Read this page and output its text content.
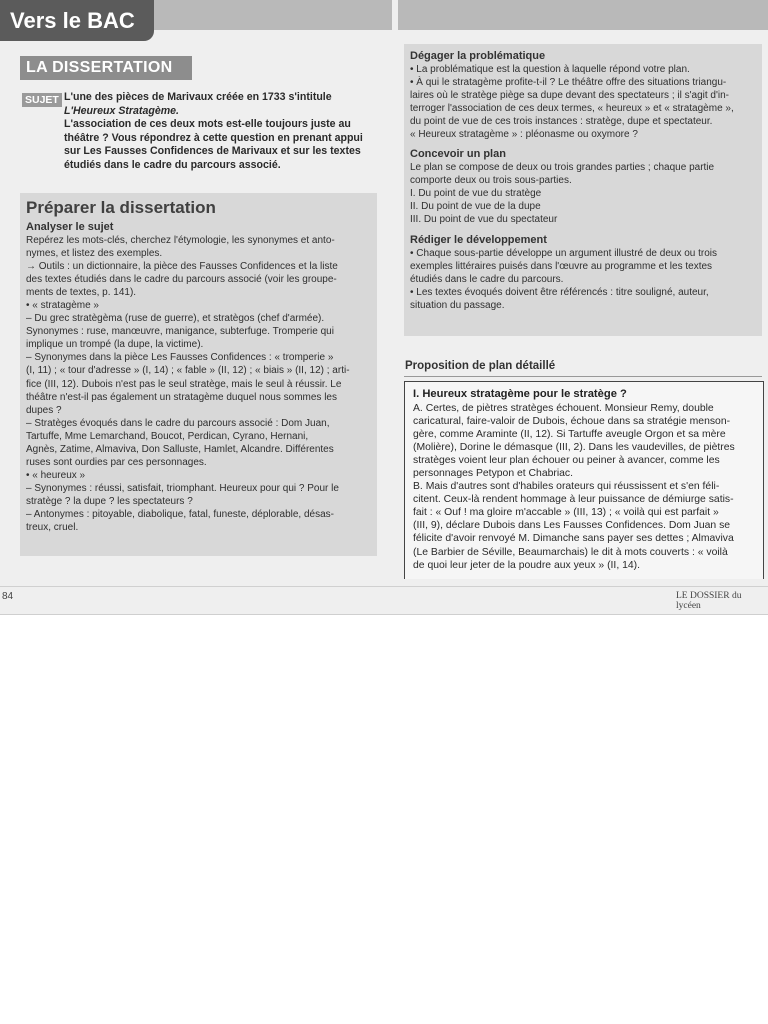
Vers le BAC
LA DISSERTATION
SUJET L'une des pièces de Marivaux créée en 1733 s'intitule
L'Heureux Stratagème.
L'association de ces deux mots est-elle toujours juste au
théâtre ? Vous répondrez à cette question en prenant appui
sur Les Fausses Confidences de Marivaux et sur les textes
étudiés dans le cadre du parcours associé.
Préparer la dissertation
Analyser le sujet
Repérez les mots-clés, cherchez l'étymologie, les synonymes et anto-
nymes, et listez des exemples.
→ Outils : un dictionnaire, la pièce des Fausses Confidences et la liste
des textes étudiés dans le cadre du parcours associé (voir les groupe-
ments de textes, p. 141).
• « stratagème »
– Du grec stratègèma (ruse de guerre), et stratègos (chef d'armée).
Synonymes : ruse, manœuvre, manigance, subterfuge. Tromperie qui
implique un trompé (la dupe, la victime).
– Synonymes dans la pièce Les Fausses Confidences : « tromperie »
(I, 11) ; « tour d'adresse » (I, 14) ; « fable » (II, 12) ; « biais » (II, 12) ; arti-
fice (III, 12). Dubois n'est pas le seul stratège, mais le seul à réussir. Le
théâtre n'est-il pas également un stratagème duquel nous sommes les
dupes ?
– Stratèges évoqués dans le cadre du parcours associé : Dom Juan,
Tartuffe, Mme Lemarchand, Boucot, Perdican, Cyrano, Hernani,
Agnès, Zatime, Almaviva, Don Salluste, Hamlet, Alcandre. Différentes
ruses sont ourdies par ces personnages.
• « heureux »
– Synonymes : réussi, satisfait, triomphant. Heureux pour qui ? Pour le
stratège ? la dupe ? les spectateurs ?
– Antonymes : pitoyable, diabolique, fatal, funeste, déplorable, désas-
treux, cruel.
Dégager la problématique
• La problématique est la question à laquelle répond votre plan.
• À qui le stratagème profite-t-il ? Le théâtre offre des situations triangu-
laires où le stratège piège sa dupe devant des spectateurs ; il s'agit d'in-
terroger l'association de ces deux termes, « heureux » et « stratagème »,
du point de vue de ces trois instances : stratège, dupe et spectateur.
« Heureux stratagème » : pléonasme ou oxymore ?
Concevoir un plan
Le plan se compose de deux ou trois grandes parties ; chaque partie
comporte deux ou trois sous-parties.
I. Du point de vue du stratège
II. Du point de vue de la dupe
III. Du point de vue du spectateur
Rédiger le développement
• Chaque sous-partie développe un argument illustré de deux ou trois
exemples littéraires puisés dans l'œuvre au programme et les textes
étudiés dans le cadre du parcours.
• Les textes évoqués doivent être référencés : titre souligné, auteur,
situation du passage.
Proposition de plan détaillé
I. Heureux stratagème pour le stratège ?
A. Certes, de piètres stratèges échouent. Monsieur Remy, double
caricatural, faire-valoir de Dubois, échoue dans sa stratégie menson-
gère, comme Araminte (II, 12). Si Tartuffe aveugle Orgon et sa mère
(Molière), Dorine le démasque (III, 2). Dans les vaudevilles, de piètres
stratèges voient leur plan échouer ou peiner à avancer, comme les
personnages Petypon et Chabriac.
B. Mais d'autres sont d'habiles orateurs qui réussissent et s'en féli-
citent. Ceux-là rendent hommage à leur puissance de démiurge satis-
fait : « Ouf ! ma gloire m'accable » (III, 13) ; « voilà qui est parfait »
(III, 9), déclare Dubois dans Les Fausses Confidences. Dom Juan se
félicite d'avoir renvoyé M. Dimanche sans payer ses dettes ; Almaviva
(Le Barbier de Séville, Beaumarchais) le dit à mots couverts : « voilà
de quoi leur jeter de la poudre aux yeux » (II, 14).
84	LE DOSSIER du lycéen
